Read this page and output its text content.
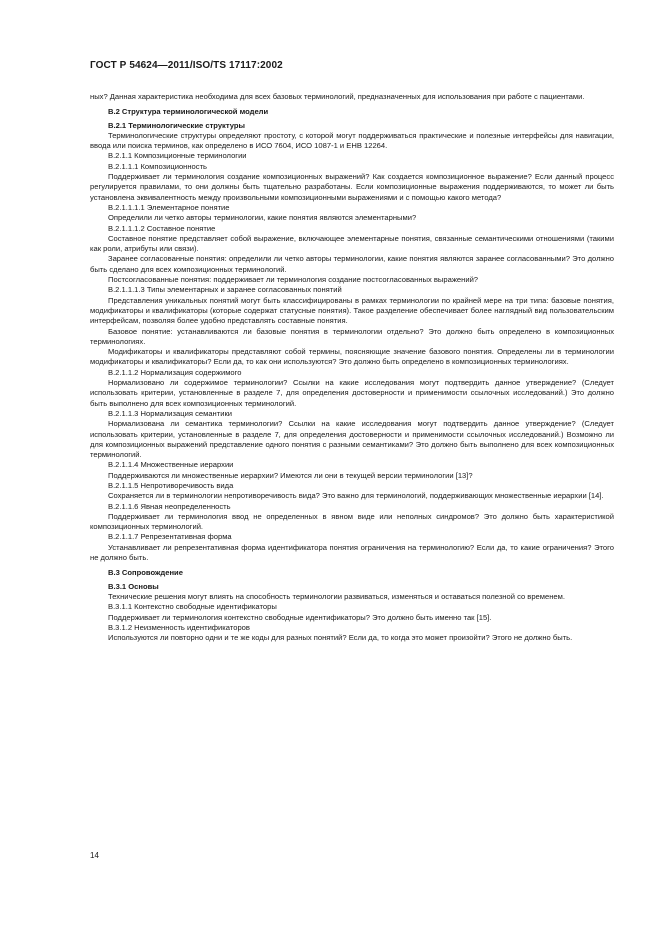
ГОСТ Р 54624—2011/ISO/TS 17117:2002
ных? Данная характеристика необходима для всех базовых терминологий, предназначенных для использования при работе с пациентами.
В.2 Структура терминологической модели
В.2.1 Терминологические структуры
Терминологические структуры определяют простоту, с которой могут поддерживаться практические и полезные интерфейсы для навигации, ввода или поиска терминов, как определено в ИСО 7604, ИСО 1087-1 и ЕНВ 12264.
В.2.1.1 Композиционные терминологии
В.2.1.1.1 Композиционность
Поддерживает ли терминология создание композиционных выражений? Как создается композиционное выражение? Если данный процесс регулируется правилами, то они должны быть тщательно разработаны. Если композиционные выражения поддерживаются, то может ли быть установлена эквивалентность между произвольными композиционными выражениями и с помощью какого метода?
В.2.1.1.1.1 Элементарное понятие
Определили ли четко авторы терминологии, какие понятия являются элементарными?
В.2.1.1.1.2 Составное понятие
Составное понятие представляет собой выражение, включающее элементарные понятия, связанные семантическими отношениями (такими как роли, атрибуты или связи).
Заранее согласованные понятия: определили ли четко авторы терминологии, какие понятия являются заранее согласованными? Это должно быть сделано для всех композиционных терминологий.
Постсогласованные понятия: поддерживает ли терминология создание постсогласованных выражений?
В.2.1.1.1.3 Типы элементарных и заранее согласованных понятий
Представления уникальных понятий могут быть классифицированы в рамках терминологии по крайней мере на три типа: базовые понятия, модификаторы и квалификаторы (которые содержат статусные понятия). Такое разделение обеспечивает более наглядный вид пользовательским интерфейсам, позволяя более удобно представлять составные понятия.
Базовое понятие: устанавливаются ли базовые понятия в терминологии отдельно? Это должно быть определено в композиционных терминологиях.
Модификаторы и квалификаторы представляют собой термины, поясняющие значение базового понятия. Определены ли в терминологии модификаторы и квалификаторы? Если да, то как они используются? Это должно быть определено в композиционных терминологиях.
В.2.1.1.2 Нормализация содержимого
Нормализовано ли содержимое терминологии? Ссылки на какие исследования могут подтвердить данное утверждение? (Следует использовать критерии, установленные в разделе 7, для определения достоверности и применимости ссылочных исследований.) Это должно быть выполнено для всех композиционных терминологий.
В.2.1.1.3 Нормализация семантики
Нормализована ли семантика терминологии? Ссылки на какие исследования могут подтвердить данное утверждение? (Следует использовать критерии, установленные в разделе 7, для определения достоверности и применимости ссылочных исследований.) Возможно ли для композиционных выражений представление одного понятия с разными семантиками? Это должно быть выполнено для всех композиционных терминологий.
В.2.1.1.4 Множественные иерархии
Поддерживаются ли множественные иерархии? Имеются ли они в текущей версии терминологии [13]?
В.2.1.1.5 Непротиворечивость вида
Сохраняется ли в терминологии непротиворечивость вида? Это важно для терминологий, поддерживающих множественные иерархии [14].
В.2.1.1.6 Явная неопределенность
Поддерживает ли терминология ввод не определенных в явном виде или неполных синдромов? Это должно быть характеристикой композиционных терминологий.
В.2.1.1.7 Репрезентативная форма
Устанавливает ли репрезентативная форма идентификатора понятия ограничения на терминологию? Если да, то какие ограничения? Этого не должно быть.
В.3 Сопровождение
В.3.1 Основы
Технические решения могут влиять на способность терминологии развиваться, изменяться и оставаться полезной со временем.
В.3.1.1 Контекстно свободные идентификаторы
Поддерживает ли терминология контекстно свободные идентификаторы? Это должно быть именно так [15].
В.3.1.2 Неизменность идентификаторов
Используются ли повторно одни и те же коды для разных понятий? Если да, то когда это может произойти? Этого не должно быть.
14
